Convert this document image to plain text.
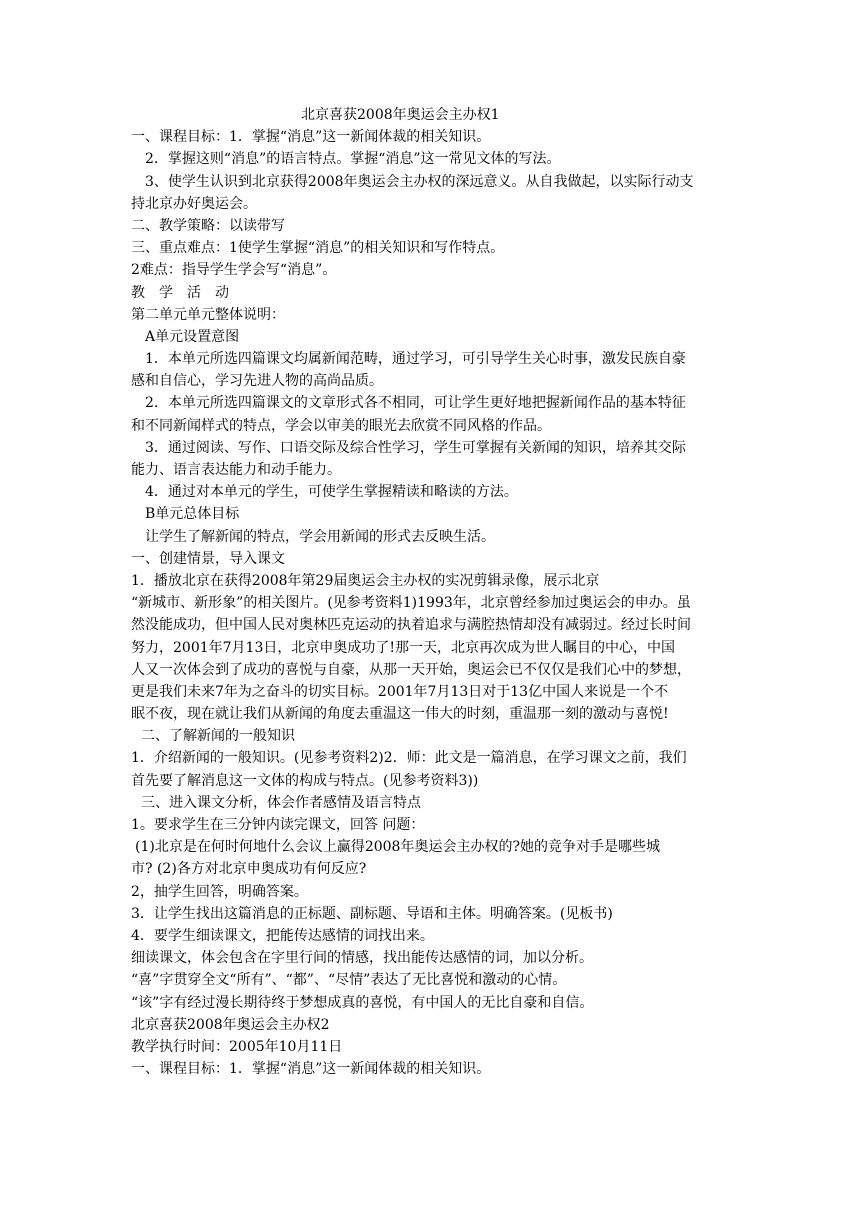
北京喜获2008年奥运会主办权1
一、课程目标：1．掌握“消息”这一新闻体裁的相关知识。
2．掌握这则“消息”的语言特点。掌握“消息”这一常见文体的写法。
3、使学生认识到北京获得2008年奥运会主办权的深远意义。从自我做起，以实际行动支
持北京办好奥运会。
二、教学策略：以读带写
三、重点难点：1使学生掌握“消息”的相关知识和写作特点。
2难点：指导学生学会写“消息”。
教　学　活　动
第二单元单元整体说明：
A单元设置意图
1．本单元所选四篇课文均属新闻范畴，通过学习，可引导学生关心时事，激发民族自豪
感和自信心，学习先进人物的高尚品质。
2．本单元所选四篇课文的文章形式各不相同，可让学生更好地把握新闻作品的基本特征
和不同新闻样式的特点，学会以审美的眼光去欣赏不同风格的作品。
3．通过阅读、写作、口语交际及综合性学习，学生可掌握有关新闻的知识，培养其交际
能力、语言表达能力和动手能力。
4．通过对本单元的学生，可使学生掌握精读和略读的方法。
B单元总体目标
让学生了解新闻的特点，学会用新闻的形式去反映生活。
一、创建情景，导入课文
1．播放北京在获得2008年第29届奥运会主办权的实况剪辑录像，展示北京
“新城市、新形象”的相关图片。(见参考资料1)1993年，北京曾经参加过奥运会的申办。虽
然没能成功，但中国人民对奥林匹克运动的执着追求与满腔热情却没有减弱过。经过长时间
努力，2001年7月13日，北京申奥成功了!那一天，北京再次成为世人瞩目的中心，中国
人又一次体会到了成功的喜悦与自豪，从那一天开始，奥运会已不仅仅是我们心中的梦想，
更是我们未来7年为之奋斗的切实目标。2001年7月13日对于13亿中国人来说是一个不
眠不夜，现在就让我们从新闻的角度去重温这一伟大的时刻，重温那一刻的激动与喜悦!
二、了解新闻的一般知识
1．介绍新闻的一般知识。(见参考资料2)2．师：此文是一篇消息，在学习课文之前，我们
首先要了解消息这一文体的构成与特点。(见参考资料3))
三、进入课文分析，体会作者感情及语言特点
1。要求学生在三分钟内读完课文，回答 问题：
(1)北京是在何时何地什么会议上赢得2008年奥运会主办权的?她的竞争对手是哪些城
市? (2)各方对北京申奥成功有何反应?
2，抽学生回答，明确答案。
3．让学生找出这篇消息的正标题、副标题、导语和主体。明确答案。(见板书)
4．要学生细读课文，把能传达感情的词找出来。
细读课文，体会包含在字里行间的情感，找出能传达感情的词，加以分析。
“喜”字贯穿全文“所有”、“都”、“尽情”表达了无比喜悦和激动的心情。
“该”字有经过漫长期待终于梦想成真的喜悦，有中国人的无比自豪和自信。
北京喜获2008年奥运会主办权2
教学执行时间：2005年10月11日
一、课程目标：1．掌握“消息”这一新闻体裁的相关知识。
